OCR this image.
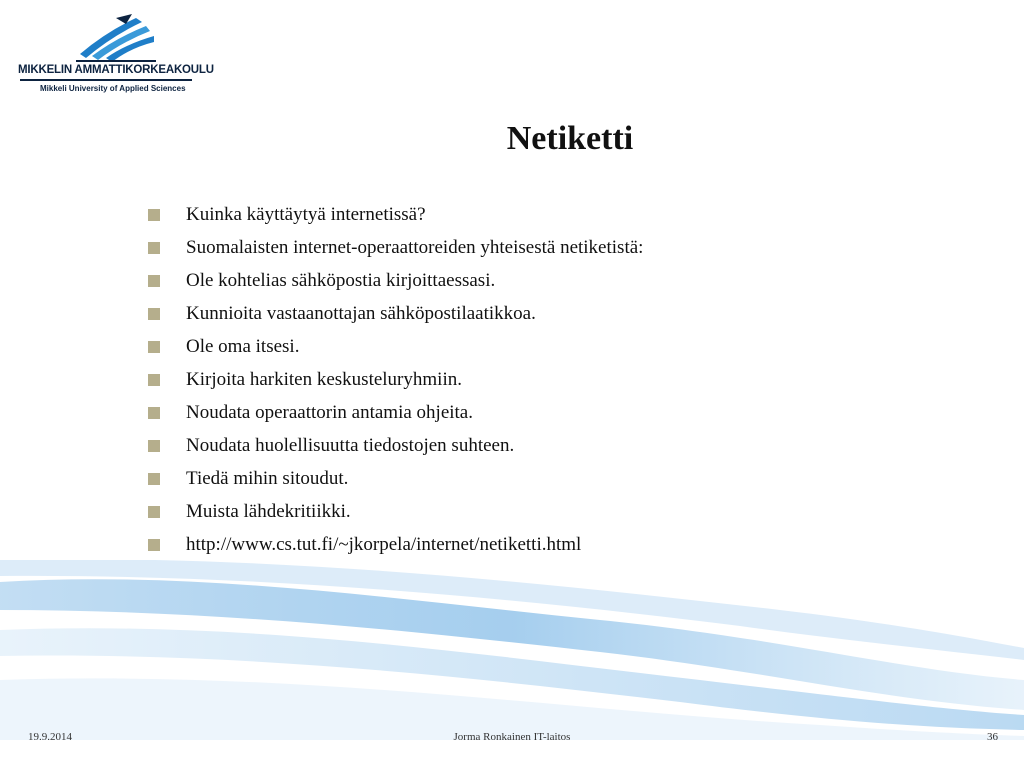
MIKKELIN AMMATTIKORKEAKOULU
Mikkeli University of Applied Sciences
Netiketti
Kuinka käyttäytyä internetissä?
Suomalaisten internet-operaattoreiden yhteisestä netiketistä:
Ole kohtelias sähköpostia kirjoittaessasi.
Kunnioita vastaanottajan sähköpostilaatikkoa.
Ole oma itsesi.
Kirjoita harkiten keskusteluryhmiin.
Noudata operaattorin antamia ohjeita.
Noudata huolellisuutta tiedostojen suhteen.
Tiedä mihin sitoudut.
Muista lähdekritiikki.
http://www.cs.tut.fi/~jkorpela/internet/netiketti.html
19.9.2014	Jorma Ronkainen IT-laitos	36
